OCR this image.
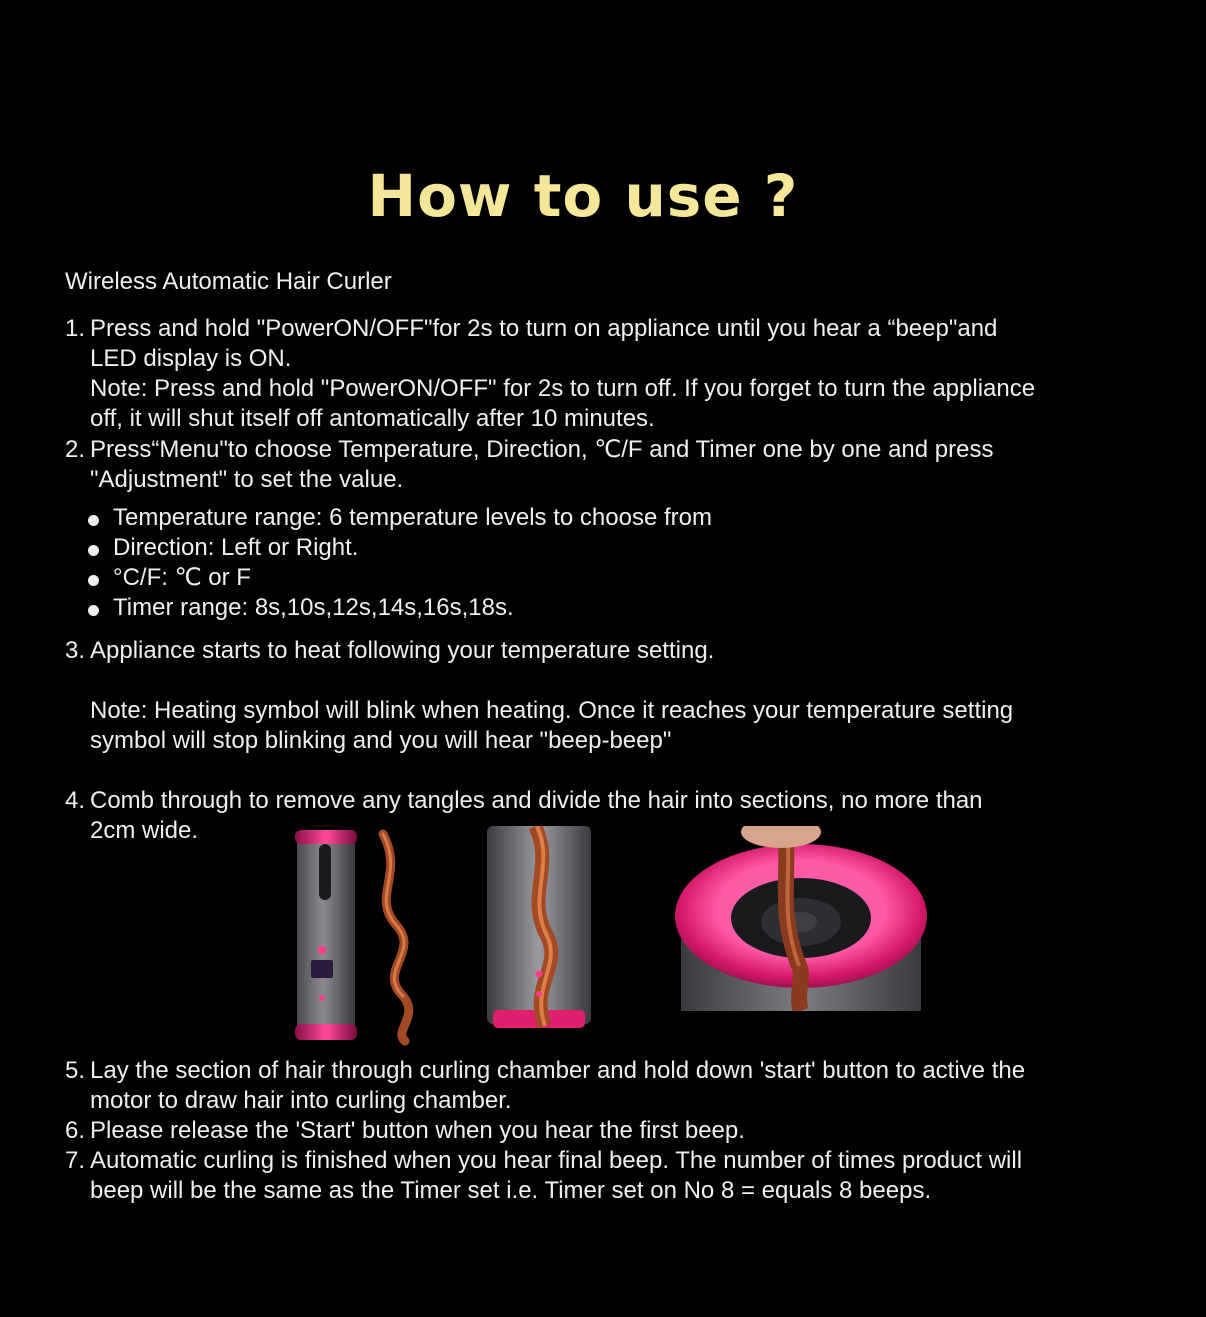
How to use ?
Wireless Automatic Hair Curler
1. Press and hold "PowerON/OFF"for 2s to turn on appliance until you hear a “beep"and
LED display is ON.
Note: Press and hold "PowerON/OFF" for 2s to turn off. If you forget to turn the appliance
off, it will shut itself off antomatically after 10 minutes.
2. Press“Menu"to choose Temperature, Direction, ℃/F and Timer one by one and press
"Adjustment" to set the value.
Temperature range: 6 temperature levels to choose from
Direction: Left or Right.
°C/F: ℃ or F
Timer range: 8s,10s,12s,14s,16s,18s.
3. Appliance starts to heat following your temperature setting.
Note: Heating symbol will blink when heating. Once it reaches your temperature setting
symbol will stop blinking and you will hear "beep-beep"
4. Comb through to remove any tangles and divide the hair into sections, no more than
2cm wide.
5. Lay the section of hair through curling chamber and hold down 'start' button to active the
motor to draw hair into curling chamber.
6. Please release the 'Start' button when you hear the first beep.
7. Automatic curling is finished when you hear final beep. The number of times product will
beep will be the same as the Timer set i.e. Timer set on No 8 = equals 8 beeps.
